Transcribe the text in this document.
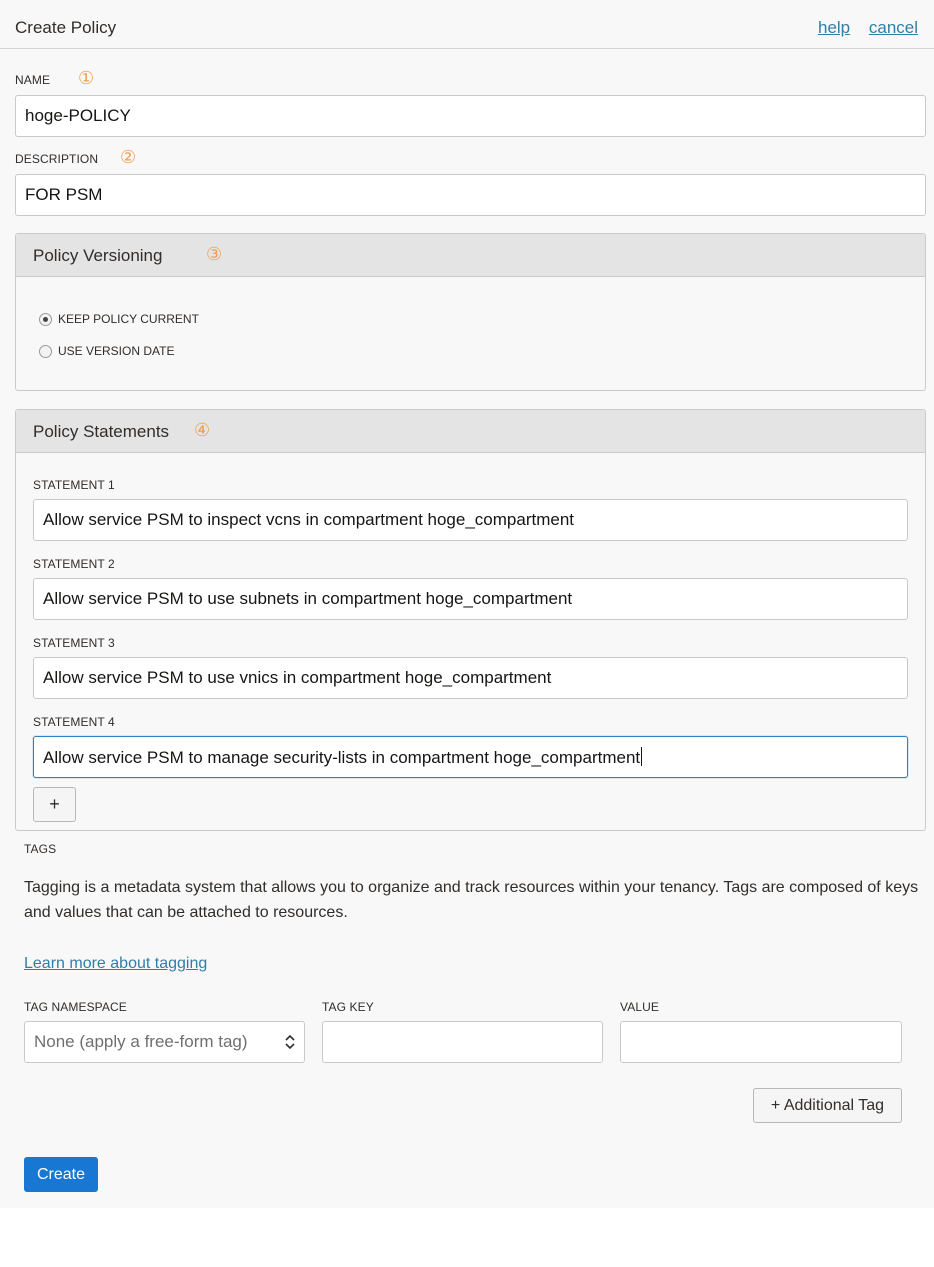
Create Policy	help cancel
NAME ①
hoge-POLICY
DESCRIPTION ②
FOR PSM
Policy Versioning ③
KEEP POLICY CURRENT
USE VERSION DATE
Policy Statements ④
STATEMENT 1
Allow service PSM to inspect vcns in compartment hoge_compartment
STATEMENT 2
Allow service PSM to use subnets in compartment hoge_compartment
STATEMENT 3
Allow service PSM to use vnics in compartment hoge_compartment
STATEMENT 4
Allow service PSM to manage security-lists in compartment hoge_compartment
+
TAGS
Tagging is a metadata system that allows you to organize and track resources within your tenancy. Tags are composed of keys and values that can be attached to resources.
Learn more about tagging
TAG NAMESPACE
None (apply a free-form tag)
TAG KEY	VALUE
+ Additional Tag
Create
